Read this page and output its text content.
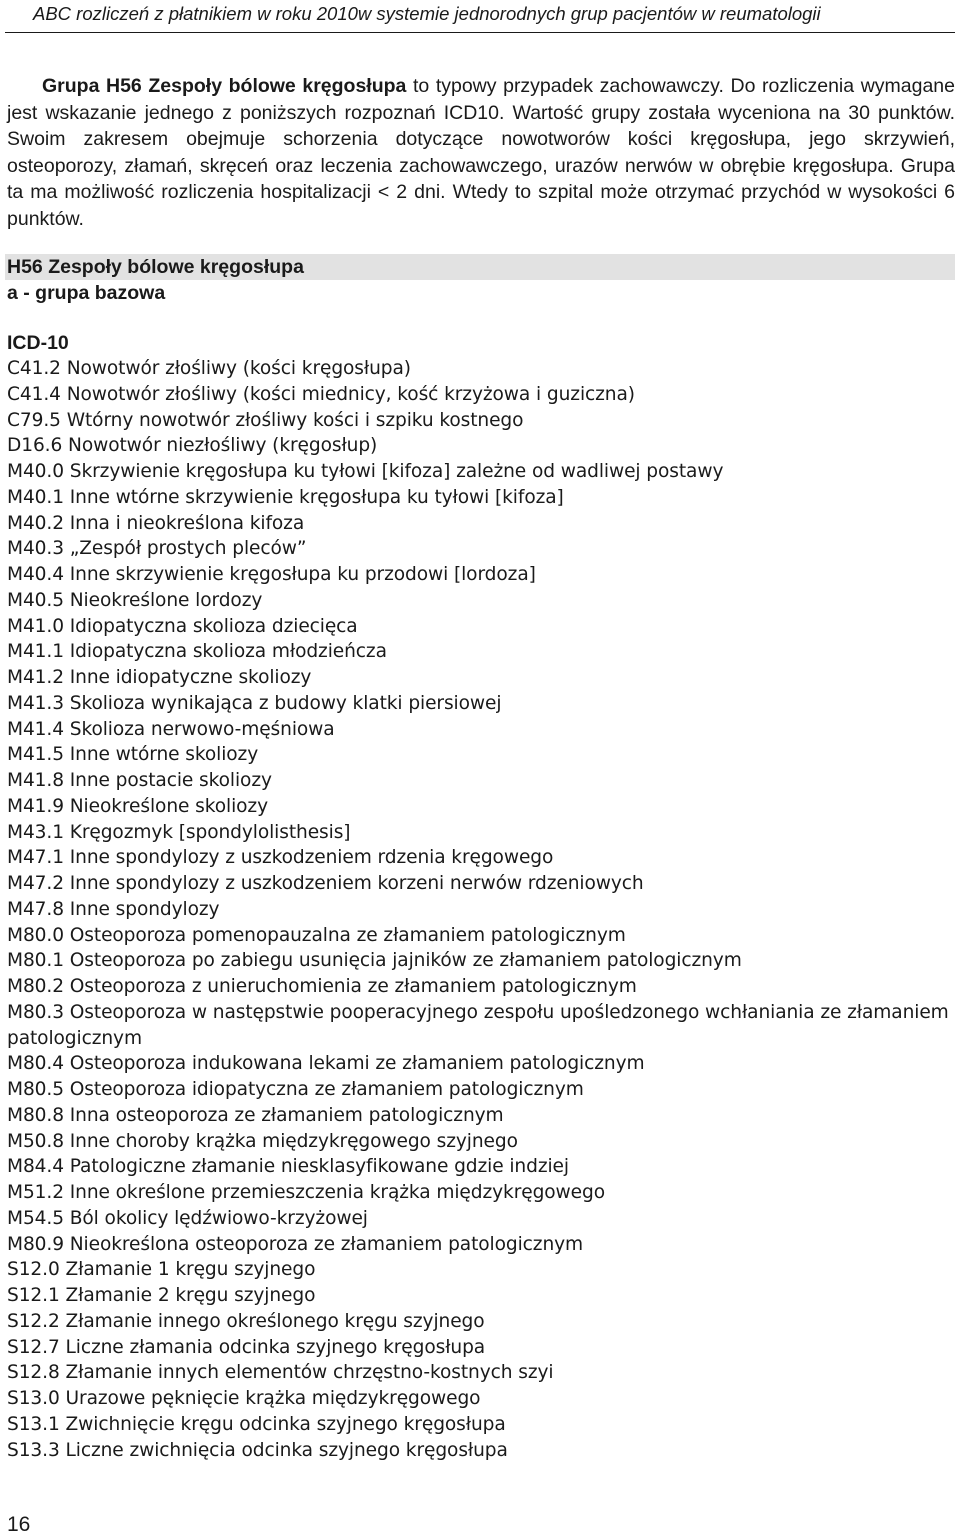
ABC rozliczeń z płatnikiem w roku 2010w systemie jednorodnych grup pacjentów w reumatologii

Grupa H56 Zespoły bólowe kręgosłupa to typowy przypadek zachowawczy. Do rozliczenia wymagane jest wskazanie jednego z poniższych rozpoznań ICD10. Wartość grupy została wyceniona na 30 punktów. Swoim zakresem obejmuje schorzenia dotyczące nowotworów kości kręgosłupa, jego skrzywień, osteoporozy, złamań, skręceń oraz leczenia zachowawczego, urazów nerwów w obrębie kręgosłupa. Grupa ta ma możliwość rozliczenia hospitalizacji < 2 dni. Wtedy to szpital może otrzymać przychód w wysokości 6 punktów.

H56 Zespoły bólowe kręgosłupa
a - grupa bazowa
ICD-10
C41.2 Nowotwór złośliwy (kości kręgosłupa)
C41.4 Nowotwór złośliwy (kości miednicy, kość krzyżowa i guziczna)
C79.5 Wtórny nowotwór złośliwy kości i szpiku kostnego
D16.6 Nowotwór niezłośliwy (kręgosłup)
M40.0 Skrzywienie kręgosłupa ku tyłowi [kifoza] zależne od wadliwej postawy
M40.1 Inne wtórne skrzywienie kręgosłupa ku tyłowi [kifoza]
M40.2 Inna i nieokreślona kifoza
M40.3 „Zespół prostych pleców”
M40.4 Inne skrzywienie kręgosłupa ku przodowi [lordoza]
M40.5 Nieokreślone lordozy
M41.0 Idiopatyczna skolioza dziecięca
M41.1 Idiopatyczna skolioza młodzieńcza
M41.2 Inne idiopatyczne skoliozy
M41.3 Skolioza wynikająca z budowy klatki piersiowej
M41.4 Skolioza nerwowo-męśniowa
M41.5 Inne wtórne skoliozy
M41.8 Inne postacie skoliozy
M41.9 Nieokreślone skoliozy
M43.1 Kręgozmyk [spondylolisthesis]
M47.1 Inne spondylozy z uszkodzeniem rdzenia kręgowego
M47.2 Inne spondylozy z uszkodzeniem korzeni nerwów rdzeniowych
M47.8 Inne spondylozy
M80.0 Osteoporoza pomenopauzalna ze złamaniem patologicznym
M80.1 Osteoporoza po zabiegu usunięcia jajników ze złamaniem patologicznym
M80.2 Osteoporoza z unieruchomienia ze złamaniem patologicznym
M80.3 Osteoporoza w następstwie pooperacyjnego zespołu upośledzonego wchłaniania ze złamaniem patologicznym
M80.4 Osteoporoza indukowana lekami ze złamaniem patologicznym
M80.5 Osteoporoza idiopatyczna ze złamaniem patologicznym
M80.8 Inna osteoporoza ze złamaniem patologicznym
M50.8 Inne choroby krążka międzykręgowego szyjnego
M84.4 Patologiczne złamanie niesklasyfikowane gdzie indziej
M51.2 Inne określone przemieszczenia krążka międzykręgowego
M54.5 Ból okolicy lędźwiowo-krzyżowej
M80.9 Nieokreślona osteoporoza ze złamaniem patologicznym
S12.0 Złamanie 1 kręgu szyjnego
S12.1 Złamanie 2 kręgu szyjnego
S12.2 Złamanie innego określonego kręgu szyjnego
S12.7 Liczne złamania odcinka szyjnego kręgosłupa
S12.8 Złamanie innych elementów chrzęstno-kostnych szyi
S13.0 Urazowe pęknięcie krążka międzykręgowego
S13.1 Zwichnięcie kręgu odcinka szyjnego kręgosłupa
S13.3 Liczne zwichnięcia odcinka szyjnego kręgosłupa
16
